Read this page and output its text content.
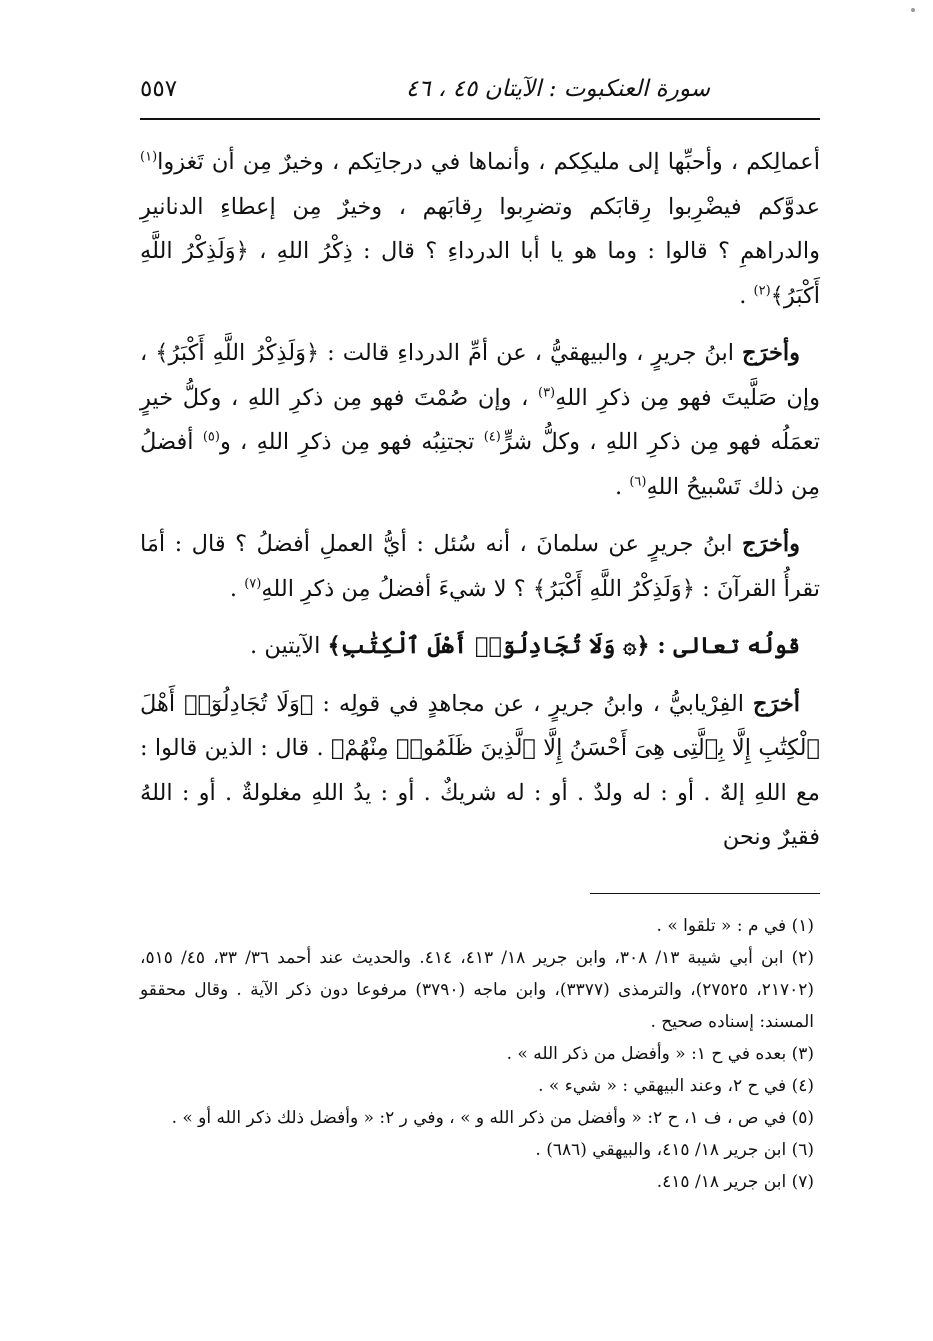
سورة العنكبوت : الآيتان ٤٥ ، ٤٦
٥٥٧

أعمالِكم ، وأحبِّها إلى مليكِكم ، وأنماها في درجاتِكم ، وخيرٌ مِن أن تَغزوا$^{(١)}$ عدوَّكم فيضْرِبوا رِقابَكم وتضرِبوا رِقابَهم ، وخيرٌ مِن إعطاءِ الدنانيرِ والدراهمِ ؟ قالوا : وما هو يا أبا الدرداءِ ؟ قال : ذِكْرُ اللهِ ، ﴿وَلَذِكْرُ اللَّهِ أَكْبَرُ﴾$^{(٢)}$ .

وأخرَج ابنُ جريرٍ ، والبيهقيُّ ، عن أمِّ الدرداءِ قالت : ﴿وَلَذِكْرُ اللَّهِ أَكْبَرُ﴾ ، وإن صَلَّيتَ فهو مِن ذكرِ اللهِ$^{(٣)}$ ، وإن صُمْتَ فهو مِن ذكرِ اللهِ ، وكلُّ خيرٍ تعمَلُه فهو مِن ذكرِ اللهِ ، وكلُّ شرٍّ$^{(٤)}$ تجتنِبُه فهو مِن ذكرِ اللهِ ، و$^{(٥)}$ أفضلُ مِن ذلك تَسْبيحُ اللهِ$^{(٦)}$ .

وأخرَج ابنُ جريرٍ عن سلمانَ ، أنه سُئل : أيُّ العملِ أفضلُ ؟ قال : أمَا تقرأُ القرآنَ : ﴿وَلَذِكْرُ اللَّهِ أَكْبَرُ﴾ ؟ لا شيءَ أفضلُ مِن ذكرِ اللهِ$^{(٧)}$ .

قولُه تعالى : ﴿۞ وَلَا تُجَادِلُوٓا۟ أَهْلَ ٱلْكِتَٰبِ﴾ الآيتين .

أخرَج الفِرْيابيُّ ، وابنُ جريرٍ ، عن مجاهدٍ في قولِه : ﴿وَلَا تُجَادِلُوٓا۟ أَهْلَ ٱلْكِتَٰبِ إِلَّا بِٱلَّتِى هِىَ أَحْسَنُ إِلَّا ٱلَّذِينَ ظَلَمُوا۟ مِنْهُمْ﴾ . قال : الذين قالوا : مع اللهِ إلهٌ . أو : له ولدٌ . أو : له شريكٌ . أو : يدُ اللهِ مغلولةٌ . أو : اللهُ فقيرٌ ونحن

(١) في م : « تلقوا » .

(٢) ابن أبي شيبة ١٣/ ٣٠٨، وابن جرير ١٨/ ٤١٣، ٤١٤. والحديث عند أحمد ٣٦/ ٣٣، ٤٥/ ٥١٥، (٢١٧٠٢، ٢٧٥٢٥)، والترمذى (٣٣٧٧)، وابن ماجه (٣٧٩٠) مرفوعا دون ذكر الآية . وقال محققو المسند: إسناده صحيح .

(٣) بعده في ح ١: « وأفضل من ذكر الله » .

(٤) في ح ٢، وعند البيهقي : « شيء » .

(٥) في ص ، ف ١، ح ٢: « وأفضل من ذكر الله و » ، وفي ر ٢: « وأفضل ذلك ذكر الله أو » .

(٦) ابن جرير ١٨/ ٤١٥، والبيهقي (٦٨٦) .

(٧) ابن جرير ١٨/ ٤١٥.
